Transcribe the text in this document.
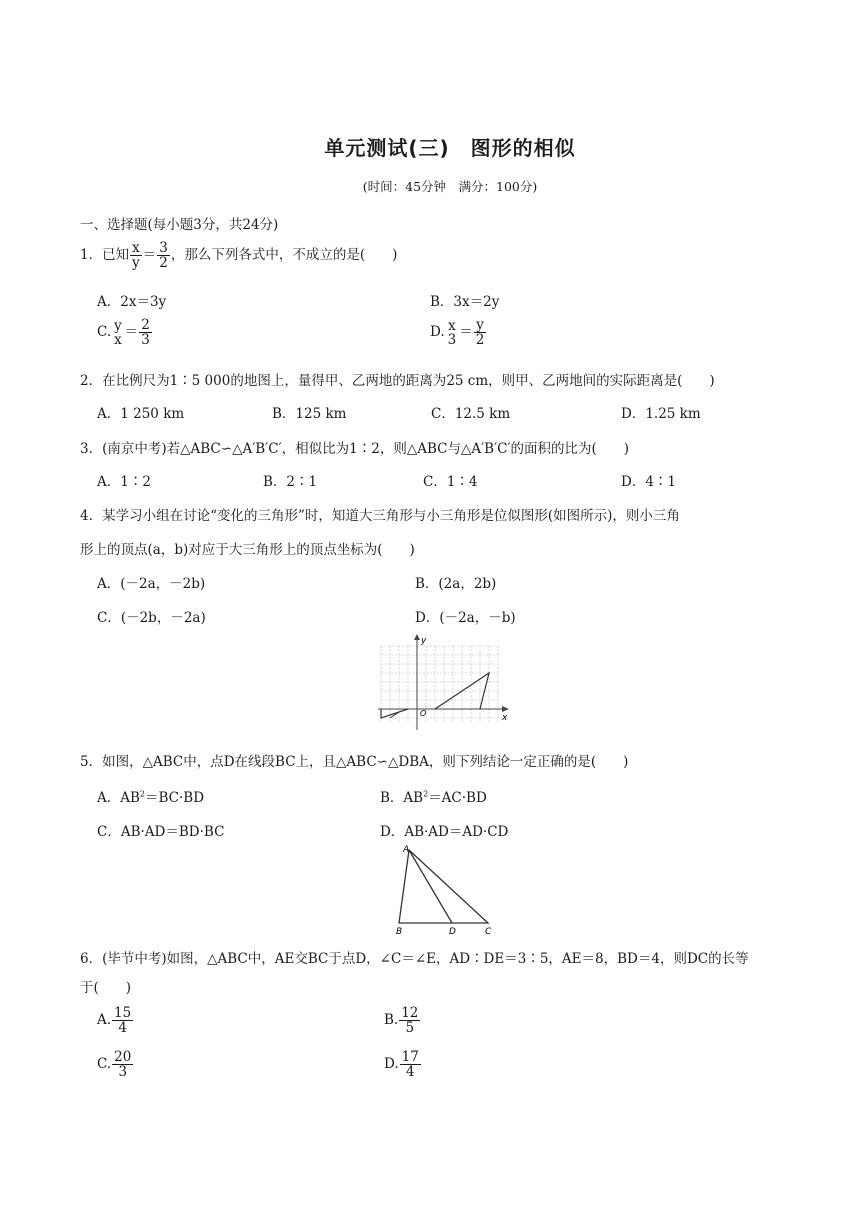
单元测试(三)　图形的相似
(时间：45分钟　满分：100分)
一、选择题(每小题3分，共24分)
1．已知 $\frac{x}{y} = \frac{3}{2}$ ，那么下列各式中，不成立的是(　　)
A．2x＝3y	B．3x＝2y
C. y
$x = \frac{2}{3}$	D. x
$3 = \frac{y}{2}$
2．在比例尺为1∶5 000的地图上，量得甲、乙两地的距离为25 cm，则甲、乙两地间的实际距离是(　　)
A．1 250 km	B．125 km	C．12.5 km	D．1.25 km
3．(南京中考)若△ABC∽△A′B′C′，相似比为1∶2，则△ABC与△A′B′C′的面积的比为(　　)
A．1∶2	B．2∶1	C．1∶4	D．4∶1
4．某学习小组在讨论“变化的三角形”时，知道大三角形与小三角形是位似图形(如图所示)，则小三角
形上的顶点(a，b)对应于大三角形上的顶点坐标为(　　)
A．(－2a，－2b)	B．(2a，2b)
C．(－2b，－2a)	D．(－2a，－b)
y
x
O
5．如图，△ABC中，点D在线段BC上，且△ABC∽△DBA，则下列结论一定正确的是(　　)
A．$AB^2=BC\cdot BD$	B．$AB^2=AC\cdot BD$
C．AB·AD＝BD·BC	D．AB·AD＝AD·CD
A
B	D	C
6．(毕节中考)如图，△ABC中，AE交BC于点D，∠C＝∠E，AD∶DE＝3∶5，AE＝8，BD＝4，则DC的长等
于(　　)
A. $\frac{15}{4}$	B. $\frac{12}{5}$
C. $\frac{20}{3}$	D. $\frac{17}{4}$
